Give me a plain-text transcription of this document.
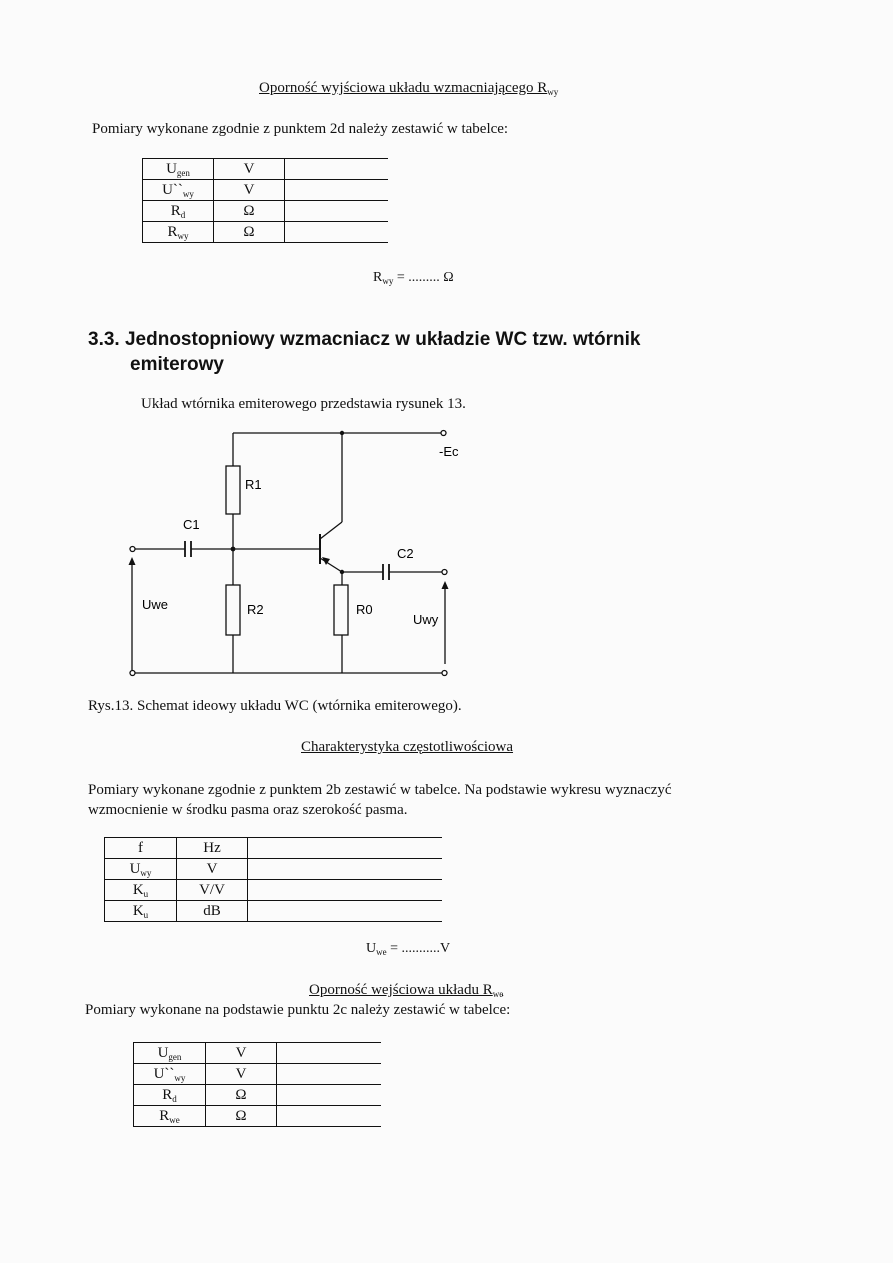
Oporność wyjściowa układu wzmacniającego $R_{wy}$
Pomiary wykonane zgodnie z punktem 2d należy zestawić w tabelce:
$U_{gen}$	V	
$U``_{wy}$	V	
$R_d$	Ω	
$R_{wy}$	Ω	
$R_{wy}$ = ......... Ω
3.3. Jednostopniowy wzmacniacz w układzie WC tzw. wtórnik
emiterowy
Układ wtórnika emiterowego przedstawia rysunek 13.
-Ec
R1
C1
C2
R2	R0
Uwe
Uwy
Rys.13. Schemat ideowy układu WC (wtórnika emiterowego).
Charakterystyka częstotliwościowa
Pomiary wykonane zgodnie z punktem 2b zestawić w tabelce. Na podstawie wykresu wyznaczyć
wzmocnienie w środku pasma oraz szerokość pasma.
f	Hz	
$U_{wy}$	V	
$K_u$	V/V	
$K_u$	dB	
$U_{we} = ...........V$
Oporność wejściowa układu $R_{we}$
Pomiary wykonane na podstawie punktu 2c należy zestawić w tabelce:
$U_{gen}$	V	
$U``_{wy}$	V	
$R_d$	Ω	
$R_{we}$	Ω	
